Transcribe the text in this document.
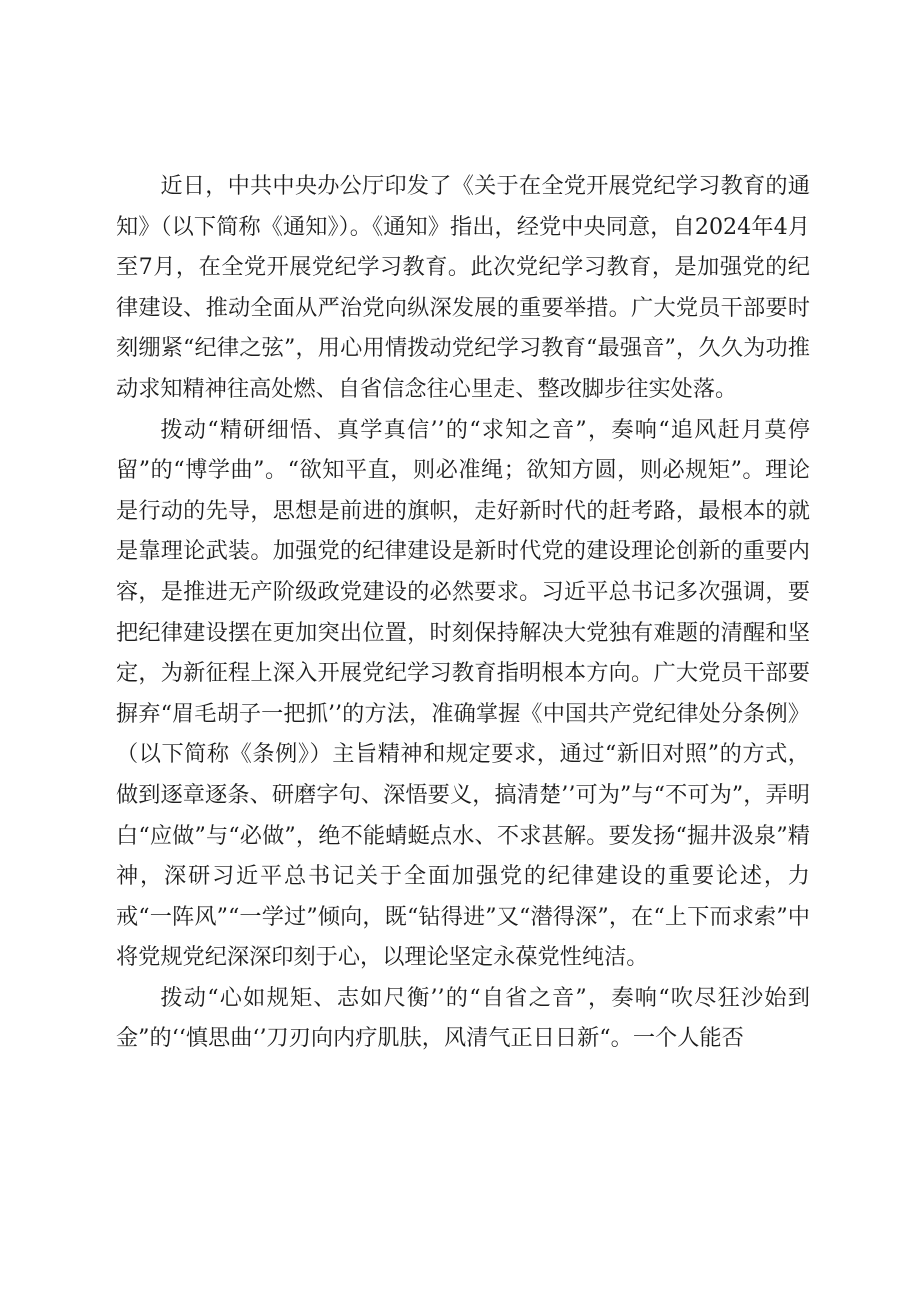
近日，中共中央办公厅印发了《关于在全党开展党纪学习教育的通知》（以下简称《通知》）。《通知》指出，经党中央同意，自2024年4月至7月，在全党开展党纪学习教育。此次党纪学习教育，是加强党的纪律建设、推动全面从严治党向纵深发展的重要举措。广大党员干部要时刻绷紧“纪律之弦”，用心用情拨动党纪学习教育“最强音”，久久为功推动求知精神往高处燃、自省信念往心里走、整改脚步往实处落。

拨动“精研细悟、真学真信’’的“求知之音”，奏响“追风赶月莫停留”的“博学曲”。“欲知平直，则必准绳；欲知方圆，则必规矩”。理论是行动的先导，思想是前进的旗帜，走好新时代的赶考路，最根本的就是靠理论武装。加强党的纪律建设是新时代党的建设理论创新的重要内容，是推进无产阶级政党建设的必然要求。习近平总书记多次强调，要把纪律建设摆在更加突出位置，时刻保持解决大党独有难题的清醒和坚定，为新征程上深入开展党纪学习教育指明根本方向。广大党员干部要摒弃“眉毛胡子一把抓’’的方法，准确掌握《中国共产党纪律处分条例》（以下简称《条例》）主旨精神和规定要求，通过“新旧对照”的方式，做到逐章逐条、研磨字句、深悟要义，搞清楚’’可为”与“不可为”，弄明白“应做”与“必做”，绝不能蜻蜓点水、不求甚解。要发扬“掘井汲泉”精神，深研习近平总书记关于全面加强党的纪律建设的重要论述，力戒“一阵风”“一学过”倾向，既“钻得进”又“潜得深”，在“上下而求索”中将党规党纪深深印刻于心，以理论坚定永葆党性纯洁。

拨动“心如规矩、志如尺衡’’的“自省之音”，奏响“吹尽狂沙始到金”的‘‘慎思曲‘’刀刃向内疗肌肤，风清气正日日新“。一个人能否
